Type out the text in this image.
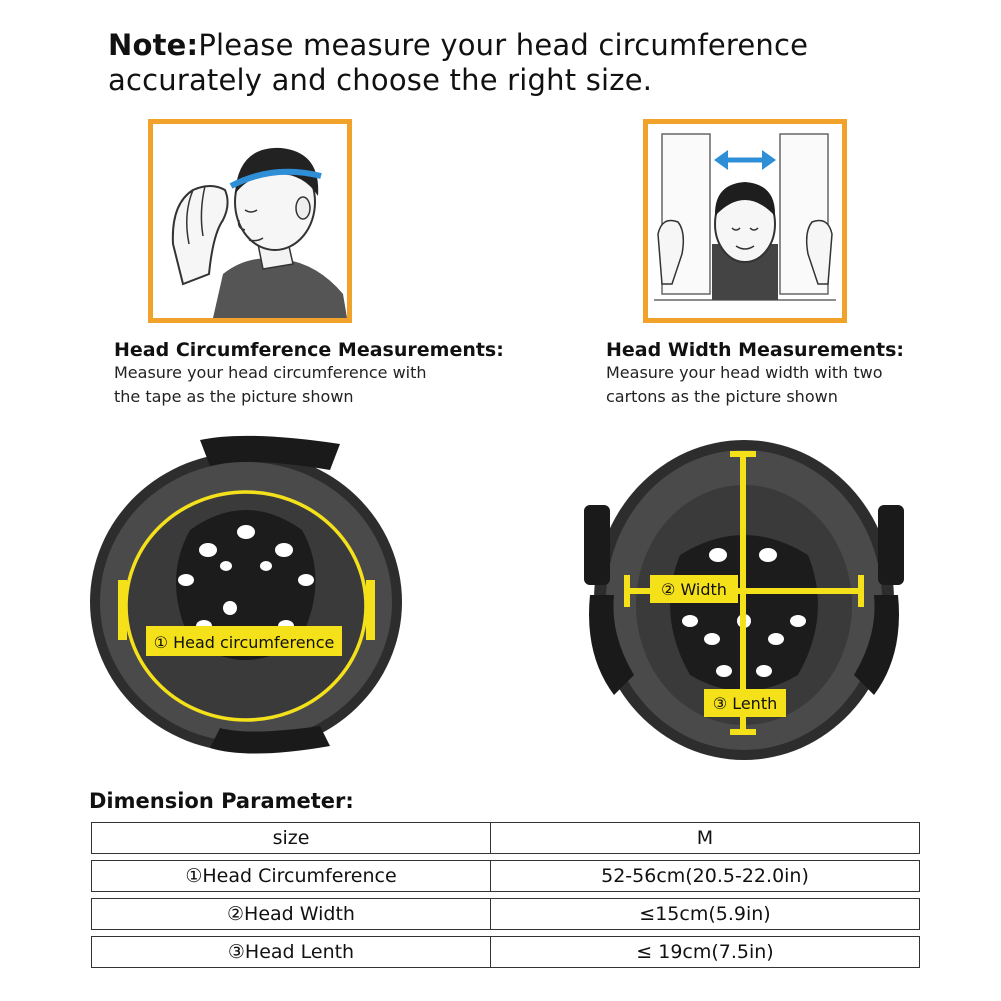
Note:Please measure your head circumference accurately and choose the right size.
Head Circumference Measurements:
Measure your head circumference with
the tape as the picture shown
Head Width Measurements:
Measure your head width with two
cartons as the picture shown
① Head circumference
② Width
③ Lenth
Dimension Parameter:
size	M
①Head Circumference	52-56cm(20.5-22.0in)
②Head Width	≤15cm(5.9in)
③Head Lenth	≤ 19cm(7.5in)
